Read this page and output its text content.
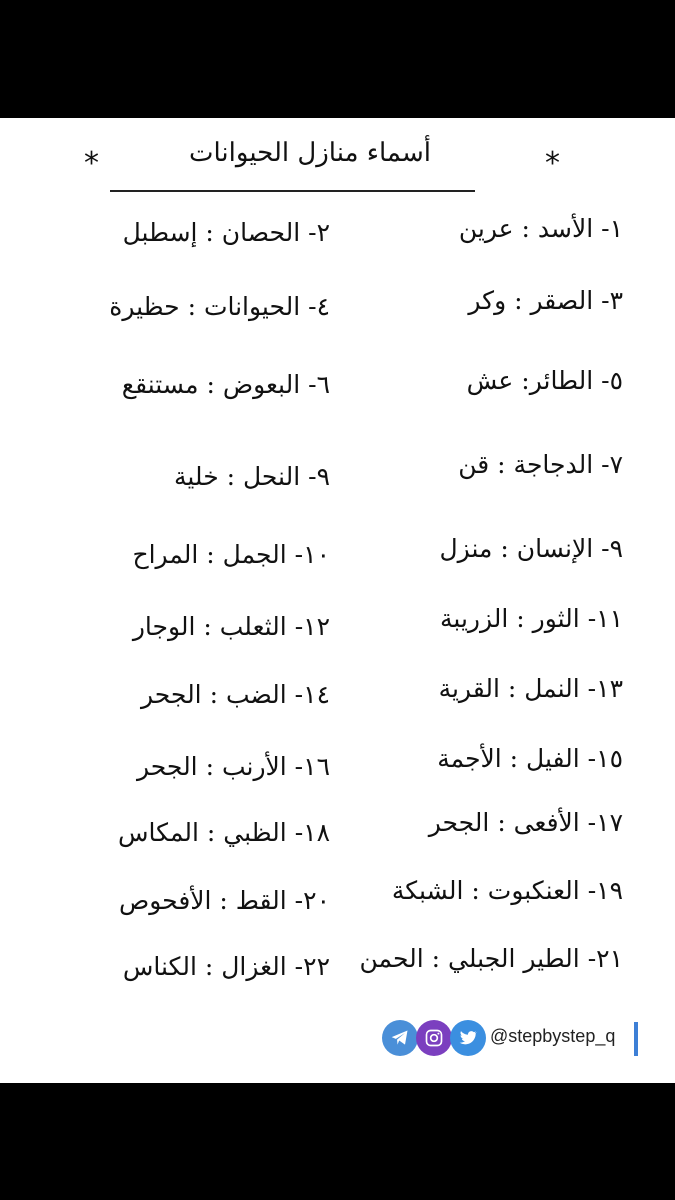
*
أسماء منازل الحيوانات
*
١- الأسد : عرين
٢- الحصان : إسطبل
٣- الصقر : وكر
٤- الحيوانات : حظيرة
٥- الطائر: عش
٦- البعوض : مستنقع
٧- الدجاجة : قن
٩- النحل : خلية
٩- الإنسان : منزل
١٠- الجمل : المراح
١١- الثور : الزريبة
١٢- الثعلب : الوجار
١٣- النمل : القرية
١٤- الضب : الجحر
١٥- الفيل : الأجمة
١٦- الأرنب : الجحر
١٧- الأفعى : الجحر
١٨- الظبي : المكاس
١٩- العنكبوت : الشبكة
٢٠- القط : الأفحوص
٢١- الطير الجبلي : الحمن
٢٢- الغزال : الكناس
@stepbystep_q
